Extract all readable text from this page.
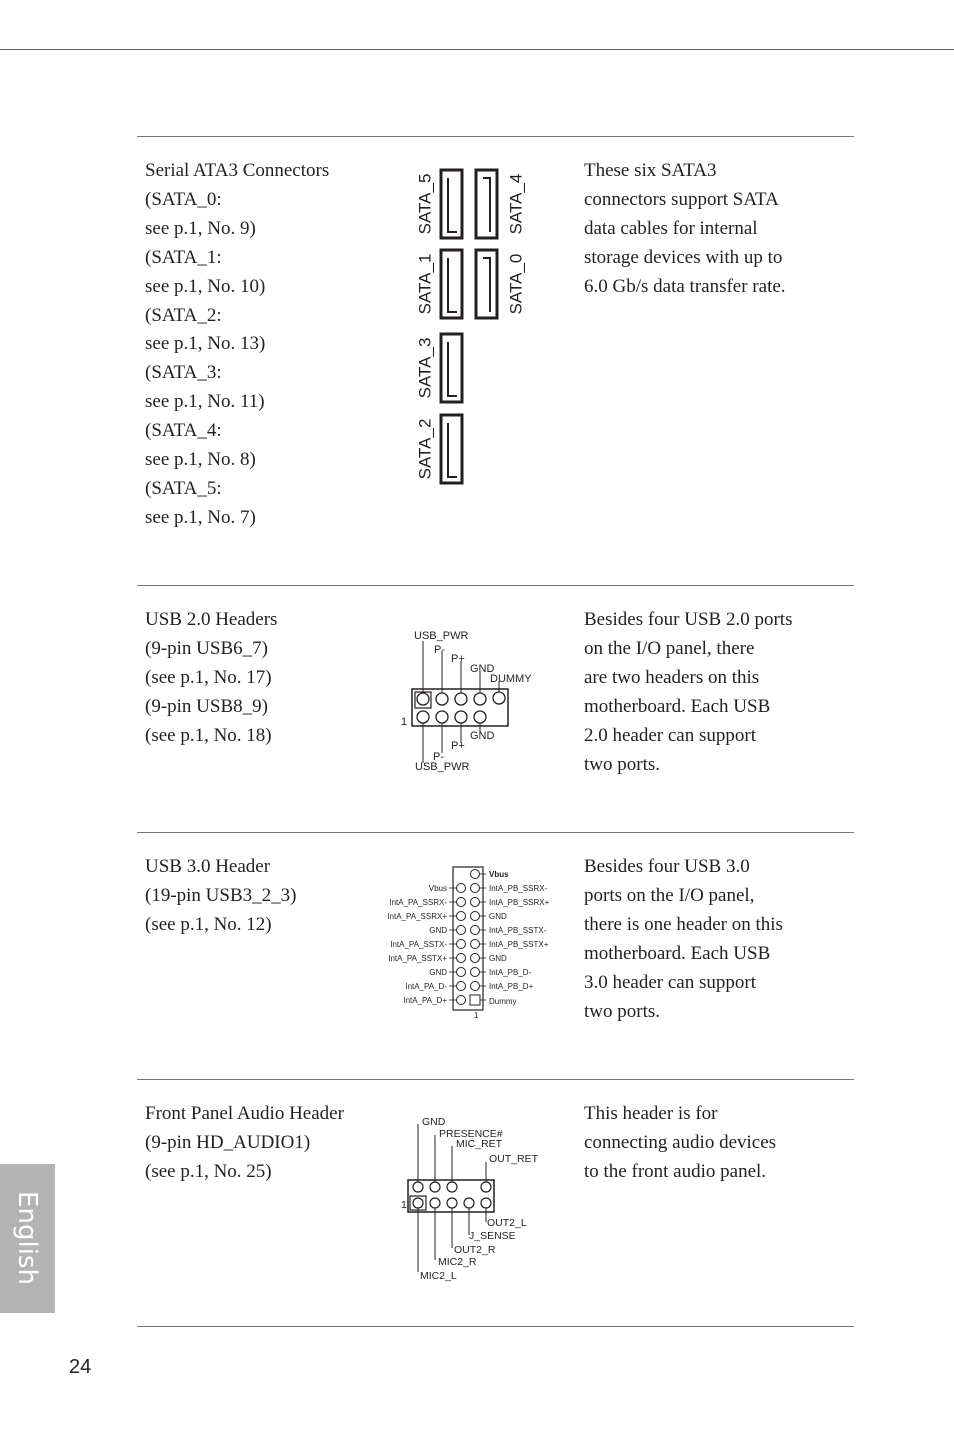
Serial ATA3 Connectors
(SATA_0:
see p.1, No. 9)
(SATA_1:
see p.1, No. 10)
(SATA_2:
see p.1, No. 13)
(SATA_3:
see p.1, No. 11)
(SATA_4:
see p.1, No. 8)
(SATA_5:
see p.1, No. 7)
SATA_5	SATA_4
SATA_1	SATA_0
SATA_3
SATA_2
These six SATA3
connectors support SATA
data cables for internal
storage devices with up to
6.0 Gb/s data transfer rate.
USB 2.0 Headers
(9-pin USB6_7)
(see p.1, No. 17)
(9-pin USB8_9)
(see p.1, No. 18)
USB_PWR
P-
P+
GND
DUMMY
GND
P+
P-
USB_PWR
1
Besides four USB 2.0 ports
on the I/O panel, there
are two headers on this
motherboard. Each USB
2.0 header can support
two ports.
USB 3.0 Header
(19-pin USB3_2_3)
(see p.1, No. 12)
Vbus
IntA_PA_SSRX-
IntA_PA_SSRX+
GND
IntA_PA_SSTX-
IntA_PA_SSTX+
GND
IntA_PA_D-
IntA_PA_D+
Vbus
IntA_PB_SSRX-
IntA_PB_SSRX+
GND
IntA_PB_SSTX-
IntA_PB_SSTX+
GND
IntA_PB_D-
IntA_PB_D+
Dummy
1
Besides four USB 3.0
ports on the I/O panel,
there is one header on this
motherboard. Each USB
3.0 header can support
two ports.
Front Panel Audio Header
(9-pin HD_AUDIO1)
(see p.1, No. 25)
GND
PRESENCE#
MIC_RET
OUT_RET
OUT2_L
J_SENSE
OUT2_R
MIC2_R
MIC2_L
1
This header is for
connecting audio devices
to the front audio panel.
English
24
